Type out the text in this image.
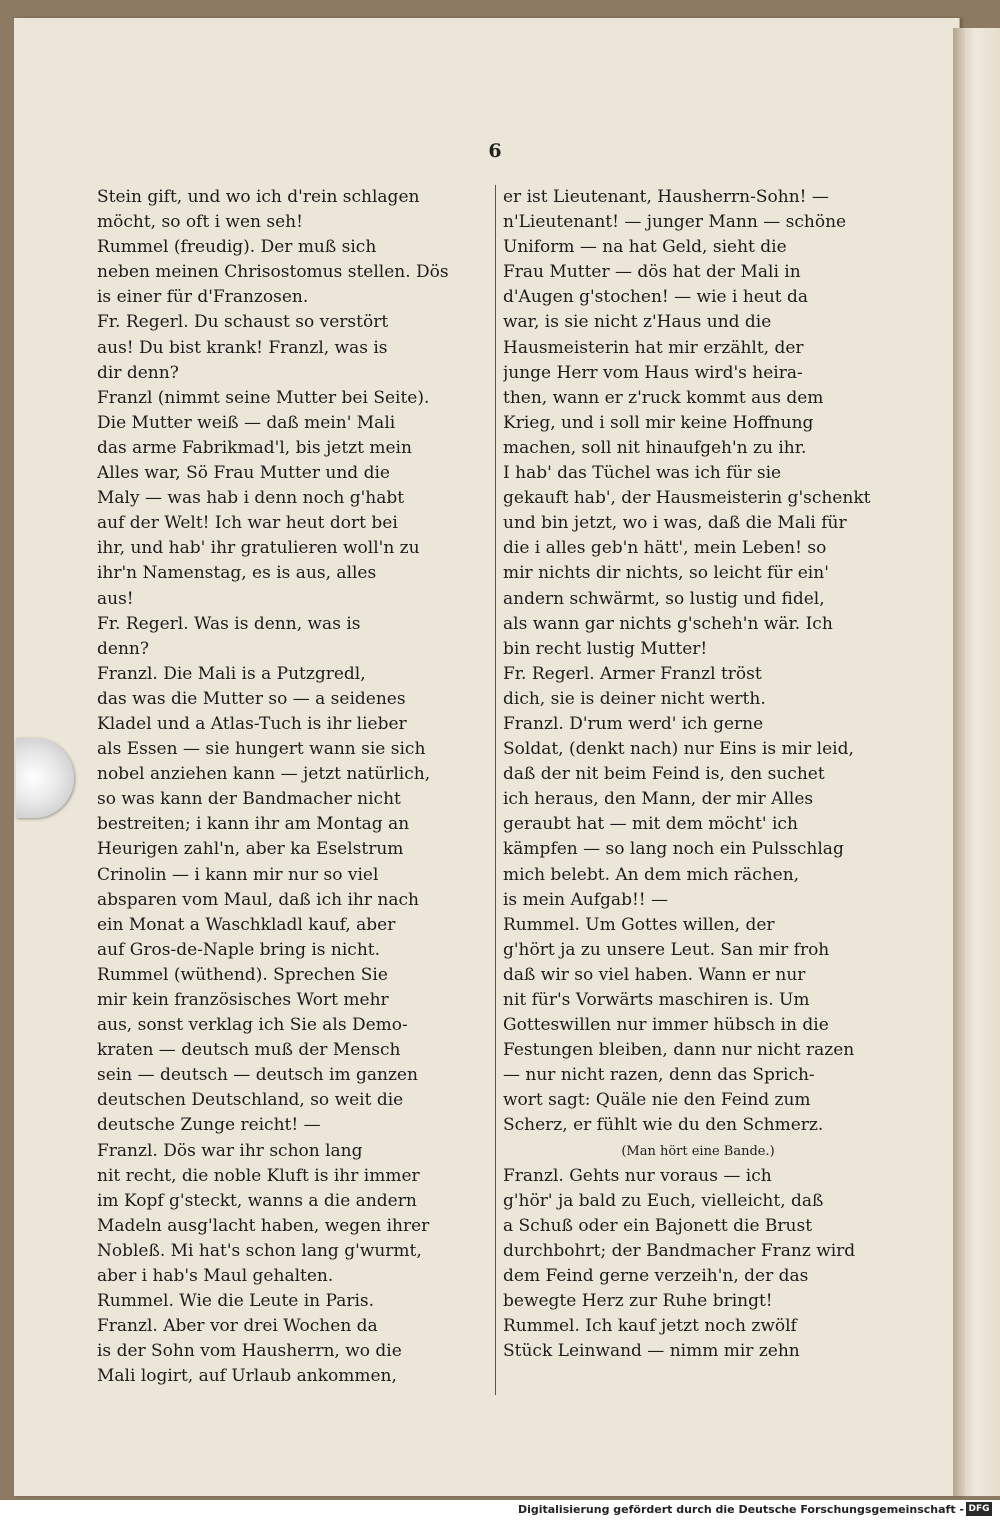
6
Stein gift, und wo ich d'rein schlagen
möcht, so oft i wen seh!
Rummel (freudig). Der muß sich
neben meinen Chrisostomus stellen. Dös
is einer für d'Franzosen.
Fr. Regerl. Du schaust so verstört
aus! Du bist krank! Franzl, was is
dir denn?
Franzl (nimmt seine Mutter bei Seite).
Die Mutter weiß — daß mein' Mali
das arme Fabrikmad'l, bis jetzt mein
Alles war, Sö Frau Mutter und die
Maly — was hab i denn noch g'habt
auf der Welt! Ich war heut dort bei
ihr, und hab' ihr gratulieren woll'n zu
ihr'n Namenstag, es is aus, alles
aus!
Fr. Regerl. Was is denn, was is
denn?
Franzl. Die Mali is a Putzgredl,
das was die Mutter so — a seidenes
Kladel und a Atlas-Tuch is ihr lieber
als Essen — sie hungert wann sie sich
nobel anziehen kann — jetzt natürlich,
so was kann der Bandmacher nicht
bestreiten; i kann ihr am Montag an
Heurigen zahl'n, aber ka Eselstrum
Crinolin — i kann mir nur so viel
absparen vom Maul, daß ich ihr nach
ein Monat a Waschkladl kauf, aber
auf Gros-de-Naple bring is nicht.
Rummel (wüthend). Sprechen Sie
mir kein französisches Wort mehr
aus, sonst verklag ich Sie als Demo-
kraten — deutsch muß der Mensch
sein — deutsch — deutsch im ganzen
deutschen Deutschland, so weit die
deutsche Zunge reicht! —
Franzl. Dös war ihr schon lang
nit recht, die noble Kluft is ihr immer
im Kopf g'steckt, wanns a die andern
Madeln ausg'lacht haben, wegen ihrer
Nobleß. Mi hat's schon lang g'wurmt,
aber i hab's Maul gehalten.
Rummel. Wie die Leute in Paris.
Franzl. Aber vor drei Wochen da
is der Sohn vom Hausherrn, wo die
Mali logirt, auf Urlaub ankommen,
er ist Lieutenant, Hausherrn-Sohn! —
n'Lieutenant! — junger Mann — schöne
Uniform — na hat Geld, sieht die
Frau Mutter — dös hat der Mali in
d'Augen g'stochen! — wie i heut da
war, is sie nicht z'Haus und die
Hausmeisterin hat mir erzählt, der
junge Herr vom Haus wird's heira-
then, wann er z'ruck kommt aus dem
Krieg, und i soll mir keine Hoffnung
machen, soll nit hinaufgeh'n zu ihr.
I hab' das Tüchel was ich für sie
gekauft hab', der Hausmeisterin g'schenkt
und bin jetzt, wo i was, daß die Mali für
die i alles geb'n hätt', mein Leben! so
mir nichts dir nichts, so leicht für ein'
andern schwärmt, so lustig und fidel,
als wann gar nichts g'scheh'n wär. Ich
bin recht lustig Mutter!
Fr. Regerl. Armer Franzl tröst
dich, sie is deiner nicht werth.
Franzl. D'rum werd' ich gerne
Soldat, (denkt nach) nur Eins is mir leid,
daß der nit beim Feind is, den suchet
ich heraus, den Mann, der mir Alles
geraubt hat — mit dem möcht' ich
kämpfen — so lang noch ein Pulsschlag
mich belebt. An dem mich rächen,
is mein Aufgab!! —
Rummel. Um Gottes willen, der
g'hört ja zu unsere Leut. San mir froh
daß wir so viel haben. Wann er nur
nit für's Vorwärts maschiren is. Um
Gotteswillen nur immer hübsch in die
Festungen bleiben, dann nur nicht razen
— nur nicht razen, denn das Sprich-
wort sagt: Quäle nie den Feind zum
Scherz, er fühlt wie du den Schmerz.
(Man hört eine Bande.)
Franzl. Gehts nur voraus — ich
g'hör' ja bald zu Euch, vielleicht, daß
a Schuß oder ein Bajonett die Brust
durchbohrt; der Bandmacher Franz wird
dem Feind gerne verzeih'n, der das
bewegte Herz zur Ruhe bringt!
Rummel. Ich kauf jetzt noch zwölf
Stück Leinwand — nimm mir zehn
Digitalisierung gefördert durch die Deutsche Forschungsgemeinschaft - DFG
